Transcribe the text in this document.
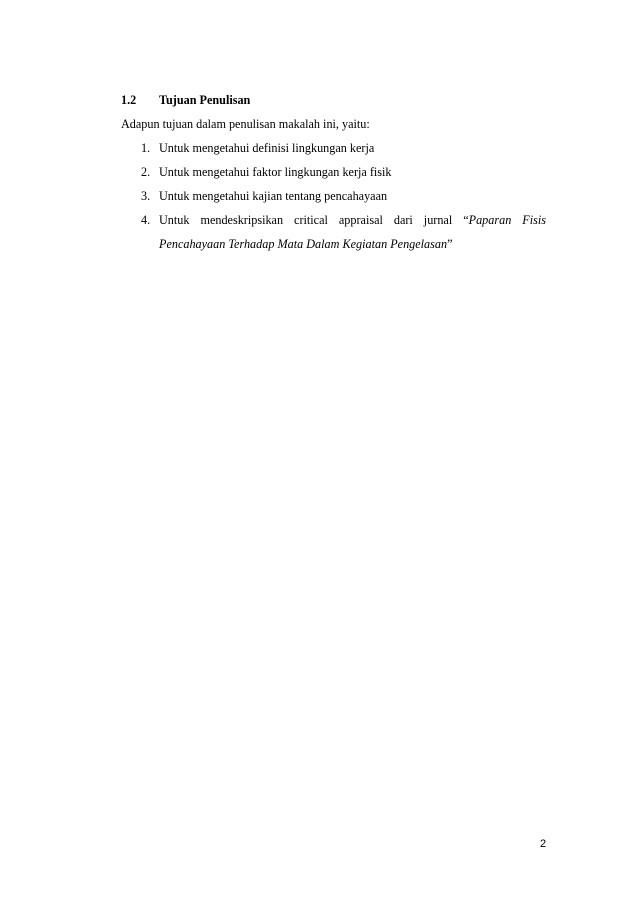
1.2 Tujuan Penulisan
Adapun tujuan dalam penulisan makalah ini, yaitu:
1. Untuk mengetahui definisi lingkungan kerja
2. Untuk mengetahui faktor lingkungan kerja fisik
3. Untuk mengetahui kajian tentang pencahayaan
4. Untuk mendeskripsikan critical appraisal dari jurnal “Paparan Fisis
Pencahayaan Terhadap Mata Dalam Kegiatan Pengelasan”
2
